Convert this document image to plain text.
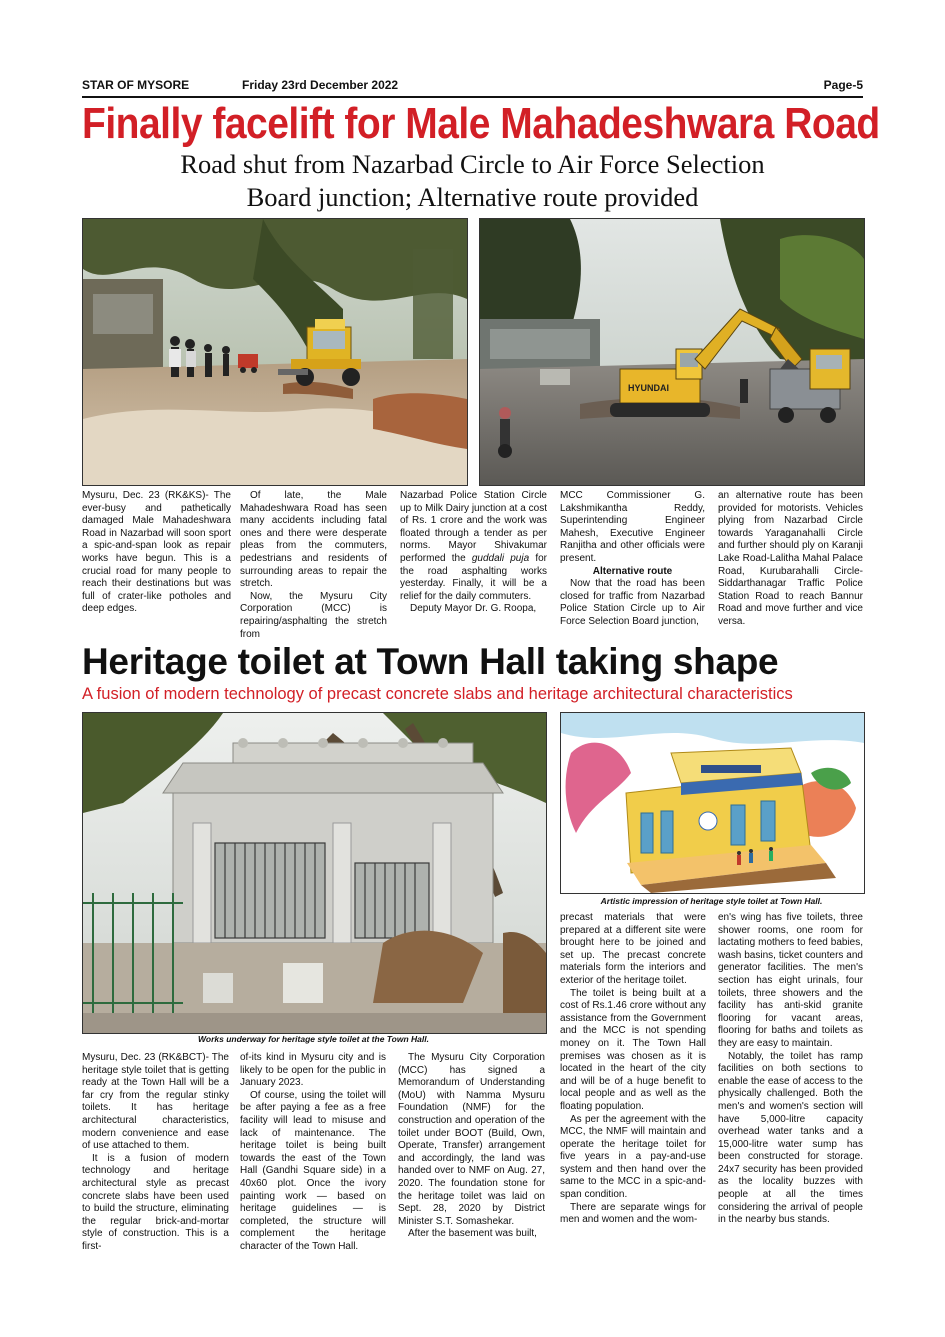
STAR OF MYSORE	Friday 23rd December 2022	Page-5
Finally facelift for Male Mahadeshwara Road
Road shut from Nazarbad Circle to Air Force Selection
Board junction; Alternative route provided
HYUNDAI

Mysuru, Dec. 23 (RK&KS)- The ever-busy and pathetically damaged Male Mahadeshwara Road in Nazarbad will soon sport a spic-and-span look as repair works have begun. This is a crucial road for many people to reach their destinations but was full of crater-like potholes and deep edges.

Of late, the Male Mahadeshwara Road has seen many accidents including fatal ones and there were desperate pleas from the commuters, pedestrians and residents of surrounding areas to repair the stretch.

Now, the Mysuru City Corporation (MCC) is repairing/asphalting the stretch from

Nazarbad Police Station Circle up to Milk Dairy junction at a cost of Rs. 1 crore and the work was floated through a tender as per norms. Mayor Shivakumar performed the guddali puja for the road asphalting works yesterday. Finally, it will be a relief for the daily commuters.

Deputy Mayor Dr. G. Roopa,

MCC Commissioner G. Lakshmikantha Reddy, Superintending Engineer Mahesh, Executive Engineer Ranjitha and other officials were present.

Alternative route

Now that the road has been closed for traffic from Nazarbad Police Station Circle up to Air Force Selection Board junction,

an alternative route has been provided for motorists. Vehicles plying from Nazarbad Circle towards Yaraganahalli Circle and further should ply on Karanji Lake Road-Lalitha Mahal Palace Road, Kurubarahalli Circle-Siddarthanagar Traffic Police Station Road to reach Bannur Road and move further and vice versa.

Heritage toilet at Town Hall taking shape
A fusion of modern technology of precast concrete slabs and heritage architectural characteristics
Works underway for heritage style toilet at the Town Hall.
Artistic impression of heritage style toilet at Town Hall.

Mysuru, Dec. 23 (RK&BCT)- The heritage style toilet that is getting ready at the Town Hall will be a far cry from the regular stinky toilets. It has heritage architectural characteristics, modern convenience and ease of use attached to them.

It is a fusion of modern technology and heritage architectural style as precast concrete slabs have been used to build the structure, eliminating the regular brick-and-mortar style of construction. This is a first-

of-its kind in Mysuru city and is likely to be open for the public in January 2023.

Of course, using the toilet will be after paying a fee as a free facility will lead to misuse and lack of maintenance. The heritage toilet is being built towards the east of the Town Hall (Gandhi Square side) in a 40x60 plot. Once the ivory painting work — based on heritage guidelines — is completed, the structure will complement the heritage character of the Town Hall.

The Mysuru City Corporation (MCC) has signed a Memorandum of Understanding (MoU) with Namma Mysuru Foundation (NMF) for the construction and operation of the toilet under BOOT (Build, Own, Operate, Transfer) arrangement and accordingly, the land was handed over to NMF on Aug. 27, 2020. The foundation stone for the heritage toilet was laid on Sept. 28, 2020 by District Minister S.T. Somashekar.

After the basement was built,

precast materials that were prepared at a different site were brought here to be joined and set up. The precast concrete materials form the interiors and exterior of the heritage toilet.

The toilet is being built at a cost of Rs.1.46 crore without any assistance from the Government and the MCC is not spending money on it. The Town Hall premises was chosen as it is located in the heart of the city and will be of a huge benefit to local people and as well as the floating population.

As per the agreement with the MCC, the NMF will maintain and operate the heritage toilet for five years in a pay-and-use system and then hand over the same to the MCC in a spic-and-span condition.

There are separate wings for men and women and the wom-

en's wing has five toilets, three shower rooms, one room for lactating mothers to feed babies, wash basins, ticket counters and generator facilities. The men's section has eight urinals, four toilets, three showers and the facility has anti-skid granite flooring for vacant areas, flooring for baths and toilets as they are easy to maintain.

Notably, the toilet has ramp facilities on both sections to enable the ease of access to the physically challenged. Both the men's and women's section will have 5,000-litre capacity overhead water tanks and a 15,000-litre water sump has been constructed for storage. 24x7 security has been provided as the locality buzzes with people at all the times considering the arrival of people in the nearby bus stands.
